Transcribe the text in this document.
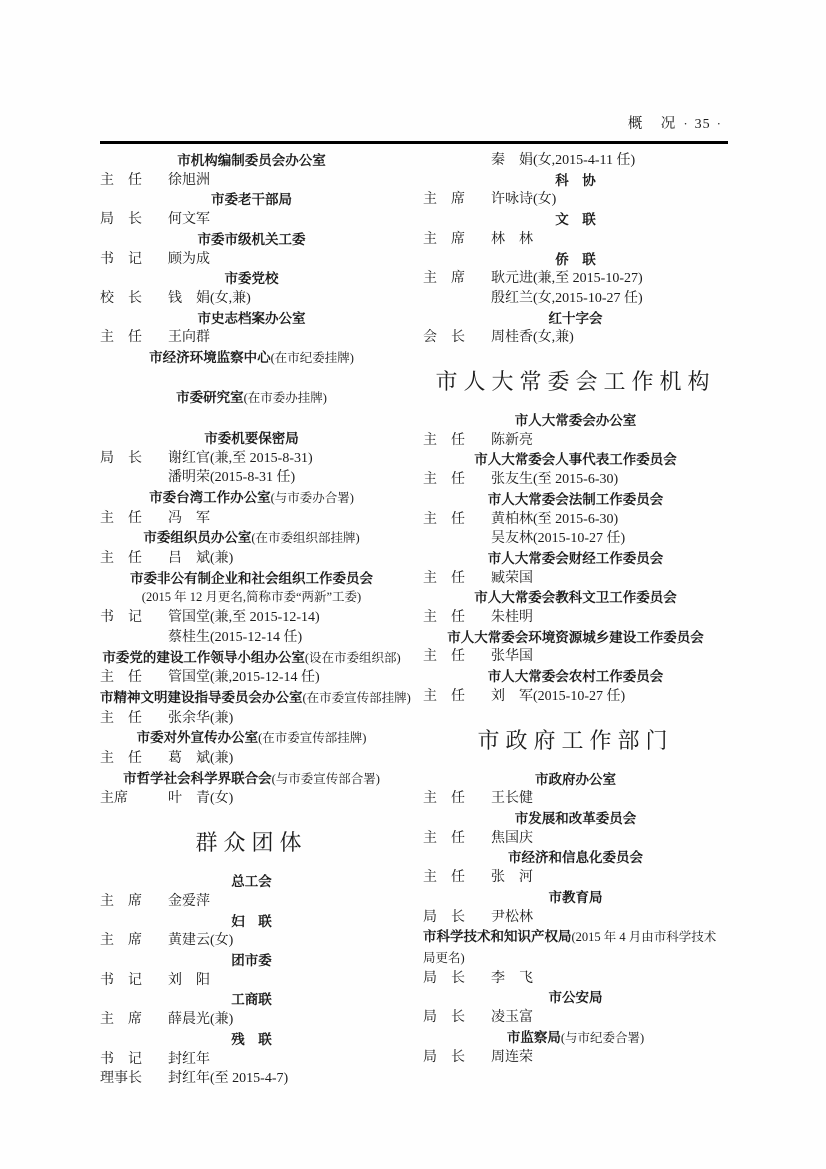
概　况 · 35 ·
市机构编制委员会办公室
主　任	徐旭洲
市委老干部局
局　长	何文军
市委市级机关工委
书　记	顾为成
市委党校
校　长	钱　娟(女,兼)
市史志档案办公室
主　任	王向群
市经济环境监察中心(在市纪委挂牌)
市委研究室(在市委办挂牌)
市委机要保密局
局　长	谢红官(兼,至 2015-8-31)
潘明荣(2015-8-31 任)
市委台湾工作办公室(与市委办合署)
主　任	冯　军
市委组织员办公室(在市委组织部挂牌)
主　任	吕　斌(兼)
市委非公有制企业和社会组织工作委员会
(2015 年 12 月更名,简称市委“两新”工委)
书　记	管国堂(兼,至 2015-12-14)
蔡桂生(2015-12-14 任)
市委党的建设工作领导小组办公室(设在市委组织部)
主　任	管国堂(兼,2015-12-14 任)
市精神文明建设指导委员会办公室(在市委宣传部挂牌)
主　任	张余华(兼)
市委对外宣传办公室(在市委宣传部挂牌)
主　任	葛　斌(兼)
市哲学社会科学界联合会(与市委宣传部合署)
主席	叶　青(女)
群众团体
总工会
主　席	金爱萍
妇　联
主　席	黄建云(女)
团市委
书　记	刘　阳
工商联
主　席	薛晨光(兼)
残　联
书　记	封红年
理事长	封红年(至 2015-4-7)
秦　娟(女,2015-4-11 任)
科　协
主　席	许咏诗(女)
文　联
主　席	林　林
侨　联
主　席	耿元进(兼,至 2015-10-27)
殷红兰(女,2015-10-27 任)
红十字会
会　长	周桂香(女,兼)
市人大常委会工作机构
市人大常委会办公室
主　任	陈新亮
市人大常委会人事代表工作委员会
主　任	张友生(至 2015-6-30)
市人大常委会法制工作委员会
主　任	黄柏林(至 2015-6-30)
吴友林(2015-10-27 任)
市人大常委会财经工作委员会
主　任	臧荣国
市人大常委会教科文卫工作委员会
主　任	朱桂明
市人大常委会环境资源城乡建设工作委员会
主　任	张华国
市人大常委会农村工作委员会
主　任	刘　军(2015-10-27 任)
市政府工作部门
市政府办公室
主　任	王长健
市发展和改革委员会
主　任	焦国庆
市经济和信息化委员会
主　任	张　河
市教育局
局　长	尹松林
市科学技术和知识产权局(2015 年 4 月由市科学技术局更名)
局　长	李　飞
市公安局
局　长	凌玉富
市监察局(与市纪委合署)
局　长	周连荣
